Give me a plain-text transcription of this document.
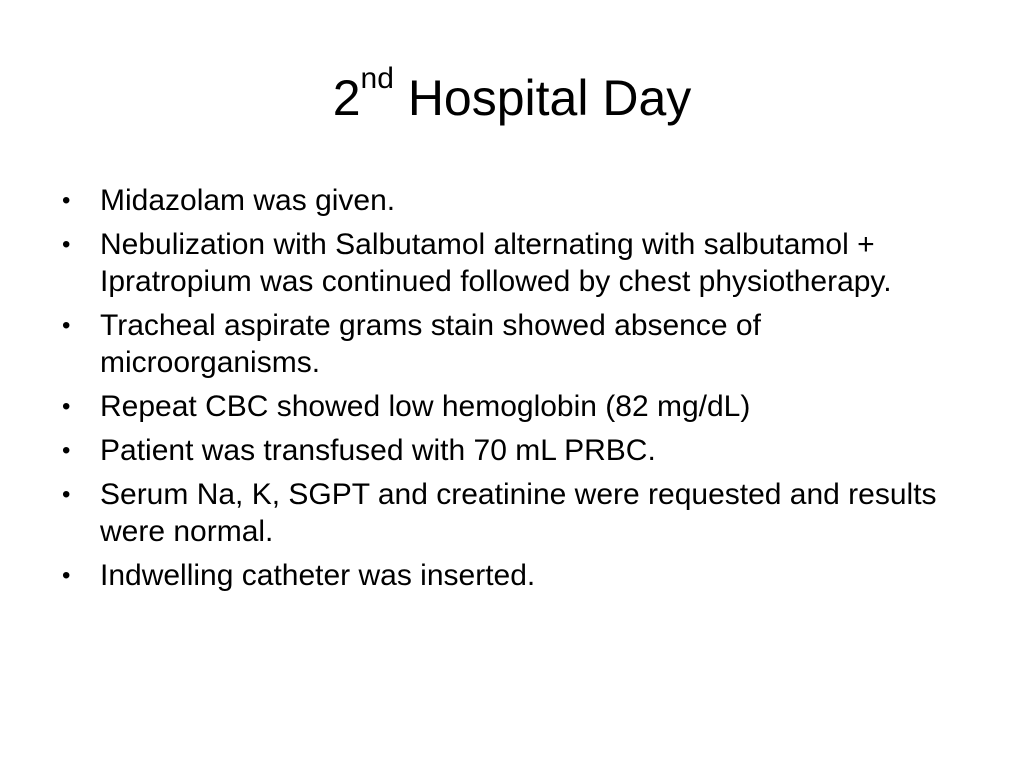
2nd Hospital Day
• Midazolam was given.
• Nebulization with Salbutamol alternating with salbutamol + Ipratropium was continued followed by chest physiotherapy.
• Tracheal aspirate grams stain showed absence of microorganisms.
• Repeat CBC showed low hemoglobin (82 mg/dL)
• Patient was transfused with 70 mL PRBC.
• Serum Na, K, SGPT and creatinine were requested and results were normal.
• Indwelling catheter was inserted.
